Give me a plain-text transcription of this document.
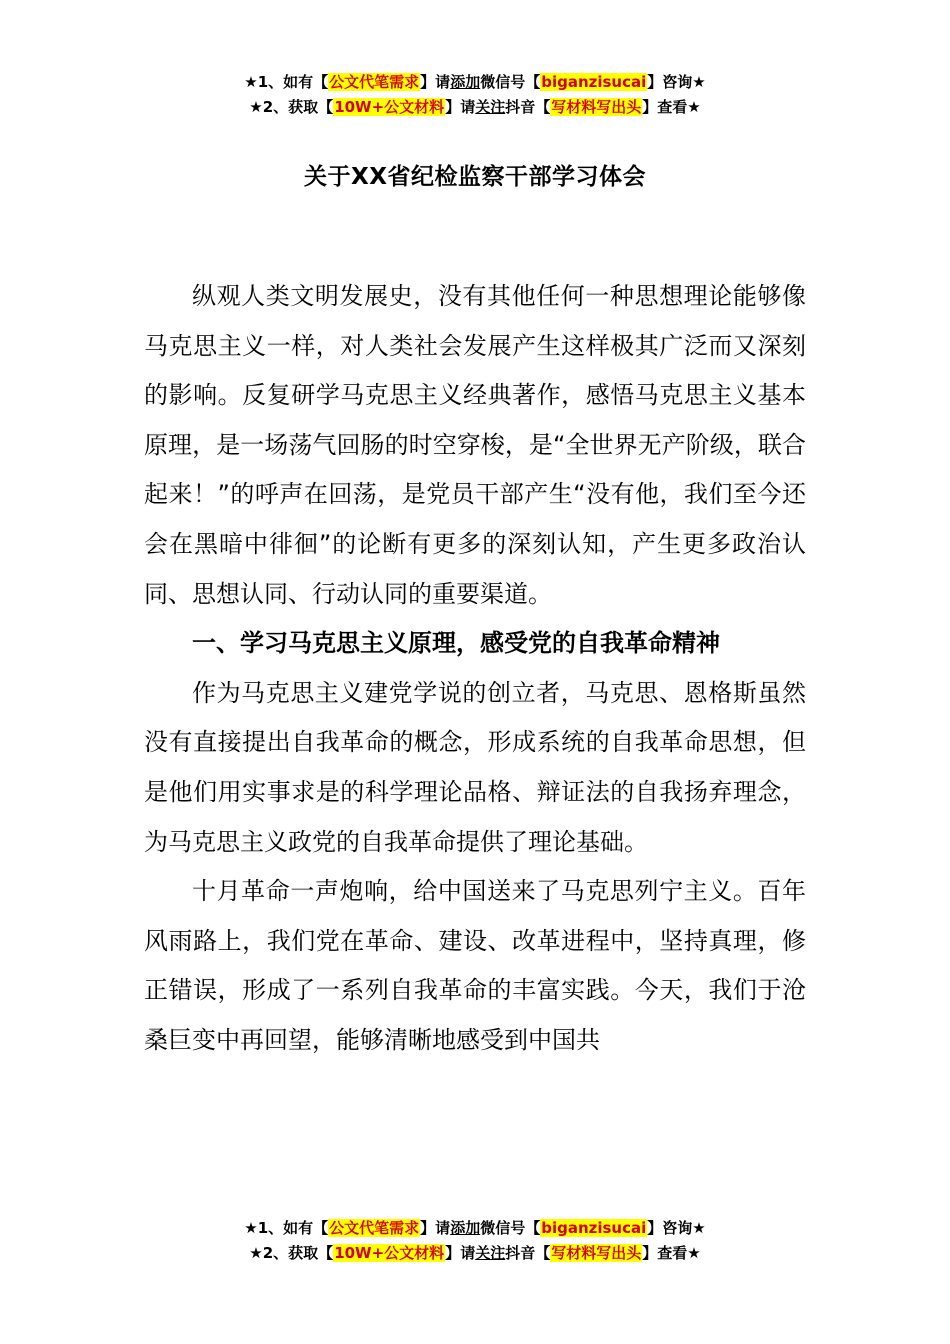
★1、如有【公文代笔需求】请添加微信号【biganzisucai】咨询★
★2、获取【10W+公文材料】请关注抖音【写材料写出头】查看★
关于XX省纪检监察干部学习体会

纵观人类文明发展史，没有其他任何一种思想理论能够像马克思主义一样，对人类社会发展产生这样极其广泛而又深刻的影响。反复研学马克思主义经典著作，感悟马克思主义基本原理，是一场荡气回肠的时空穿梭，是“全世界无产阶级，联合起来！”的呼声在回荡，是党员干部产生“没有他，我们至今还会在黑暗中徘徊”的论断有更多的深刻认知，产生更多政治认同、思想认同、行动认同的重要渠道。

一、学习马克思主义原理，感受党的自我革命精神

作为马克思主义建党学说的创立者，马克思、恩格斯虽然没有直接提出自我革命的概念，形成系统的自我革命思想，但是他们用实事求是的科学理论品格、辩证法的自我扬弃理念，为马克思主义政党的自我革命提供了理论基础。

十月革命一声炮响，给中国送来了马克思列宁主义。百年风雨路上，我们党在革命、建设、改革进程中，坚持真理，修正错误，形成了一系列自我革命的丰富实践。今天，我们于沧桑巨变中再回望，能够清晰地感受到中国共

★1、如有【公文代笔需求】请添加微信号【biganzisucai】咨询★
★2、获取【10W+公文材料】请关注抖音【写材料写出头】查看★
